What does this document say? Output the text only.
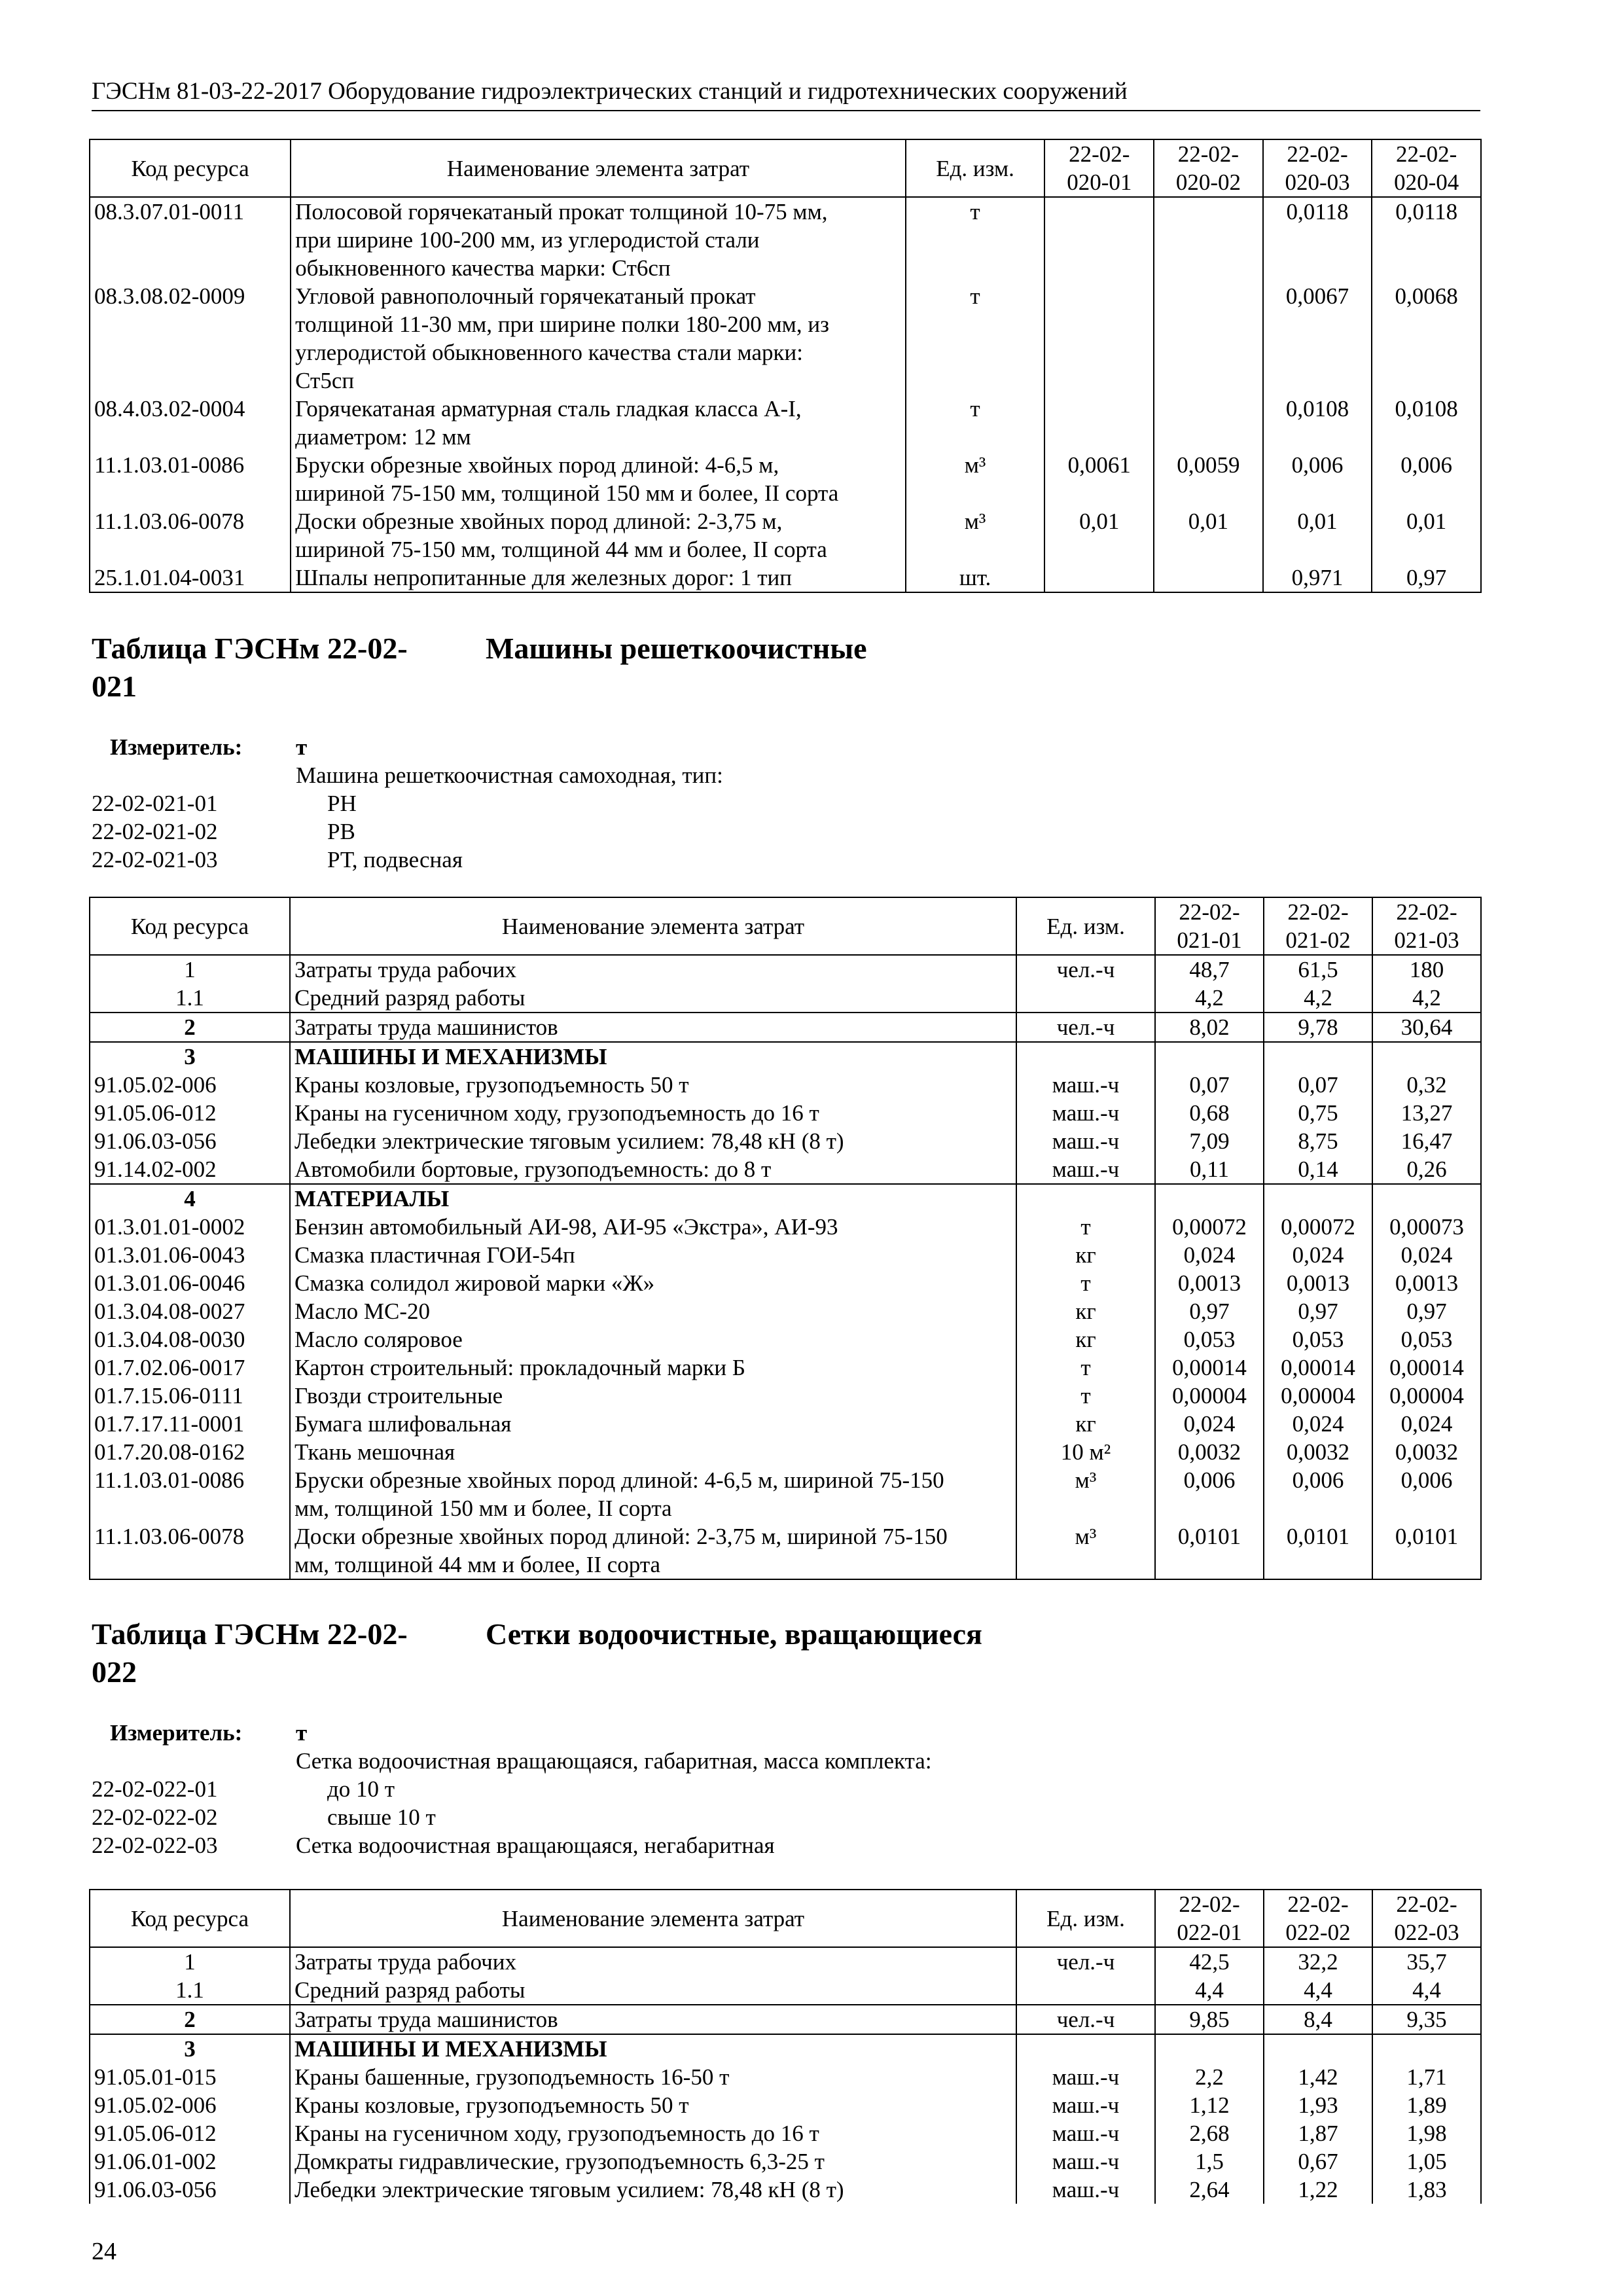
ГЭСНм 81-03-22-2017 Оборудование гидроэлектрических станций и гидротехнических сооружений
Код ресурса	Наименование элемента затрат	Ед. изм.	22-02-
020-01	22-02-
020-02	22-02-
020-03	22-02-
020-04
08.3.07.01-0011	Полосовой горячекатаный прокат толщиной 10-75 мм,
при ширине 100-200 мм, из углеродистой стали
обыкновенного качества марки: Ст6сп	т			0,0118	0,0118
08.3.08.02-0009	Угловой равнополочный горячекатаный прокат
толщиной 11-30 мм, при ширине полки 180-200 мм, из
углеродистой обыкновенного качества стали марки:
Ст5сп	т			0,0067	0,0068
08.4.03.02-0004	Горячекатаная арматурная сталь гладкая класса А-I,
диаметром: 12 мм	т			0,0108	0,0108
11.1.03.01-0086	Бруски обрезные хвойных пород длиной: 4-6,5 м,
шириной 75-150 мм, толщиной 150 мм и более, II сорта	м³	0,0061	0,0059	0,006	0,006
11.1.03.06-0078	Доски обрезные хвойных пород длиной: 2-3,75 м,
шириной 75-150 мм, толщиной 44 мм и более, II сорта	м³	0,01	0,01	0,01	0,01
25.1.01.04-0031	Шпалы непропитанные для железных дорог: 1 тип	шт.			0,971	0,97
Таблица ГЭСНм 22-02-	Машины решеткоочистные

021
Измеритель: т
Машина решеткоочистная самоходная, тип:
22-02-021-01	РН
22-02-021-02	РВ
22-02-021-03	РТ, подвесная
Код ресурса	Наименование элемента затрат	Ед. изм.	22-02-
021-01	22-02-
021-02	22-02-
021-03
1	Затраты труда рабочих	чел.-ч	48,7	61,5	180
1.1	Средний разряд работы		4,2	4,2	4,2
2	Затраты труда машинистов	чел.-ч	8,02	9,78	30,64
3	МАШИНЫ И МЕХАНИЗМЫ				

91.05.02-006	Краны козловые, грузоподъемность 50 т	маш.-ч	0,07	0,07	0,32
91.05.06-012	Краны на гусеничном ходу, грузоподъемность до 16 т	маш.-ч	0,68	0,75	13,27
91.06.03-056	Лебедки электрические тяговым усилием: 78,48 кН (8 т)	маш.-ч	7,09	8,75	16,47
91.14.02-002	Автомобили бортовые, грузоподъемность: до 8 т	маш.-ч	0,11	0,14	0,26
4	МАТЕРИАЛЫ				

01.3.01.01-0002	Бензин автомобильный АИ-98, АИ-95 «Экстра», АИ-93	т	0,00072	0,00072	0,00073
01.3.01.06-0043	Смазка пластичная ГОИ-54п	кг	0,024	0,024	0,024
01.3.01.06-0046	Смазка солидол жировой марки «Ж»	т	0,0013	0,0013	0,0013
01.3.04.08-0027	Масло МС-20	кг	0,97	0,97	0,97
01.3.04.08-0030	Масло соляровое	кг	0,053	0,053	0,053
01.7.02.06-0017	Картон строительный: прокладочный марки Б	т	0,00014	0,00014	0,00014
01.7.15.06-0111	Гвозди строительные	т	0,00004	0,00004	0,00004
01.7.17.11-0001	Бумага шлифовальная	кг	0,024	0,024	0,024
01.7.20.08-0162	Ткань мешочная	10 м²	0,0032	0,0032	0,0032
11.1.03.01-0086	Бруски обрезные хвойных пород длиной: 4-6,5 м, шириной 75-150
мм, толщиной 150 мм и более, II сорта	м³	0,006	0,006	0,006
11.1.03.06-0078	Доски обрезные хвойных пород длиной: 2-3,75 м, шириной 75-150
мм, толщиной 44 мм и более, II сорта	м³	0,0101	0,0101	0,0101
Таблица ГЭСНм 22-02-	Сетки водоочистные, вращающиеся

022
Измеритель: т
Сетка водоочистная вращающаяся, габаритная, масса комплекта:
22-02-022-01	до 10 т
22-02-022-02	свыше 10 т
22-02-022-03	Сетка водоочистная вращающаяся, негабаритная
Код ресурса	Наименование элемента затрат	Ед. изм.	22-02-
022-01	22-02-
022-02	22-02-
022-03
1	Затраты труда рабочих	чел.-ч	42,5	32,2	35,7
1.1	Средний разряд работы		4,4	4,4	4,4
2	Затраты труда машинистов	чел.-ч	9,85	8,4	9,35
3	МАШИНЫ И МЕХАНИЗМЫ				

91.05.01-015	Краны башенные, грузоподъемность 16-50 т	маш.-ч	2,2	1,42	1,71
91.05.02-006	Краны козловые, грузоподъемность 50 т	маш.-ч	1,12	1,93	1,89
91.05.06-012	Краны на гусеничном ходу, грузоподъемность до 16 т	маш.-ч	2,68	1,87	1,98
91.06.01-002	Домкраты гидравлические, грузоподъемность 6,3-25 т	маш.-ч	1,5	0,67	1,05
91.06.03-056	Лебедки электрические тяговым усилием: 78,48 кН (8 т)	маш.-ч	2,64	1,22	1,83
24
